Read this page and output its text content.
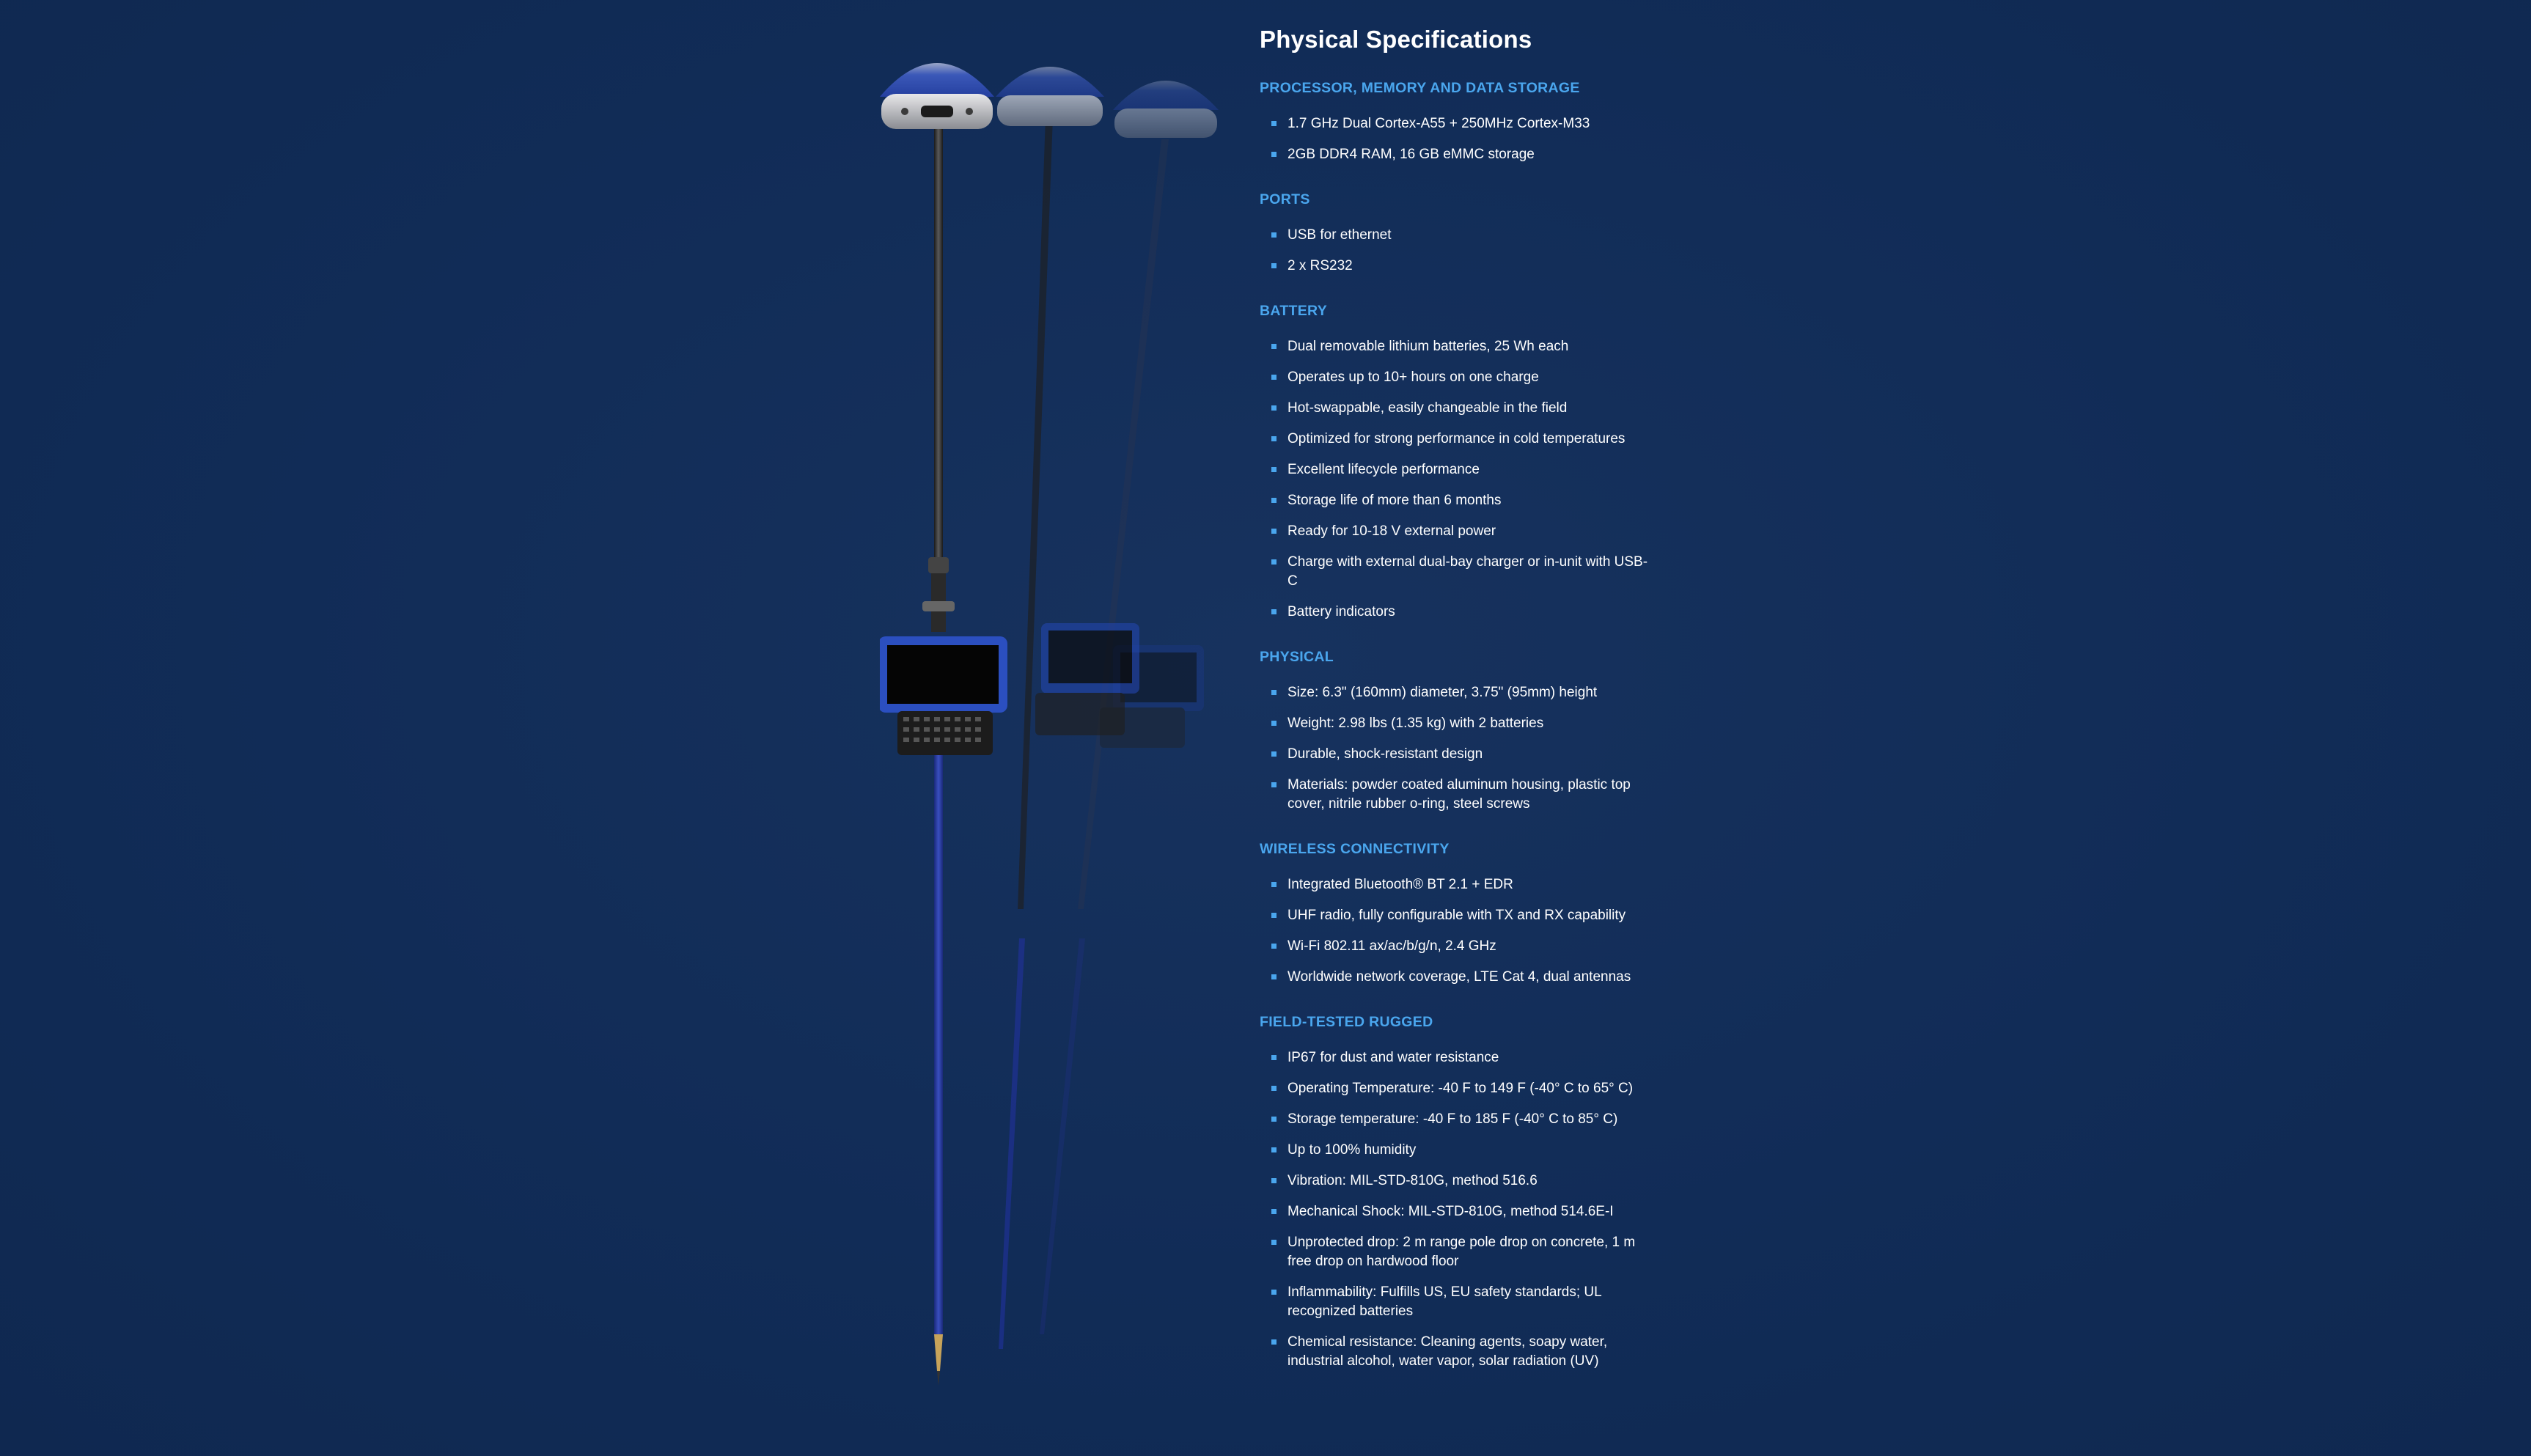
Physical Specifications
PROCESSOR, MEMORY AND DATA STORAGE
1.7 GHz Dual Cortex-A55 + 250MHz Cortex-M33
2GB DDR4 RAM, 16 GB eMMC storage
PORTS
USB for ethernet
2 x RS232
BATTERY
Dual removable lithium batteries, 25 Wh each
Operates up to 10+ hours on one charge
Hot-swappable, easily changeable in the field
Optimized for strong performance in cold temperatures
Excellent lifecycle performance
Storage life of more than 6 months
Ready for 10-18 V external power
Charge with external dual-bay charger or in-unit with USB-C
Battery indicators
PHYSICAL
Size: 6.3" (160mm) diameter, 3.75" (95mm) height
Weight: 2.98 lbs (1.35 kg) with 2 batteries
Durable, shock-resistant design
Materials: powder coated aluminum housing, plastic top cover, nitrile rubber o-ring, steel screws
WIRELESS CONNECTIVITY
Integrated Bluetooth® BT 2.1 + EDR
UHF radio, fully configurable with TX and RX capability
Wi-Fi 802.11 ax/ac/b/g/n, 2.4 GHz
Worldwide network coverage, LTE Cat 4, dual antennas
FIELD-TESTED RUGGED
IP67 for dust and water resistance
Operating Temperature: -40 F to 149 F (-40° C to 65° C)
Storage temperature: -40 F to 185 F (-40° C to 85° C)
Up to 100% humidity
Vibration: MIL-STD-810G, method 516.6
Mechanical Shock: MIL-STD-810G, method 514.6E-I
Unprotected drop: 2 m range pole drop on concrete, 1 m free drop on hardwood floor
Inflammability: Fulfills US, EU safety standards; UL recognized batteries
Chemical resistance: Cleaning agents, soapy water, industrial alcohol, water vapor, solar radiation (UV)
